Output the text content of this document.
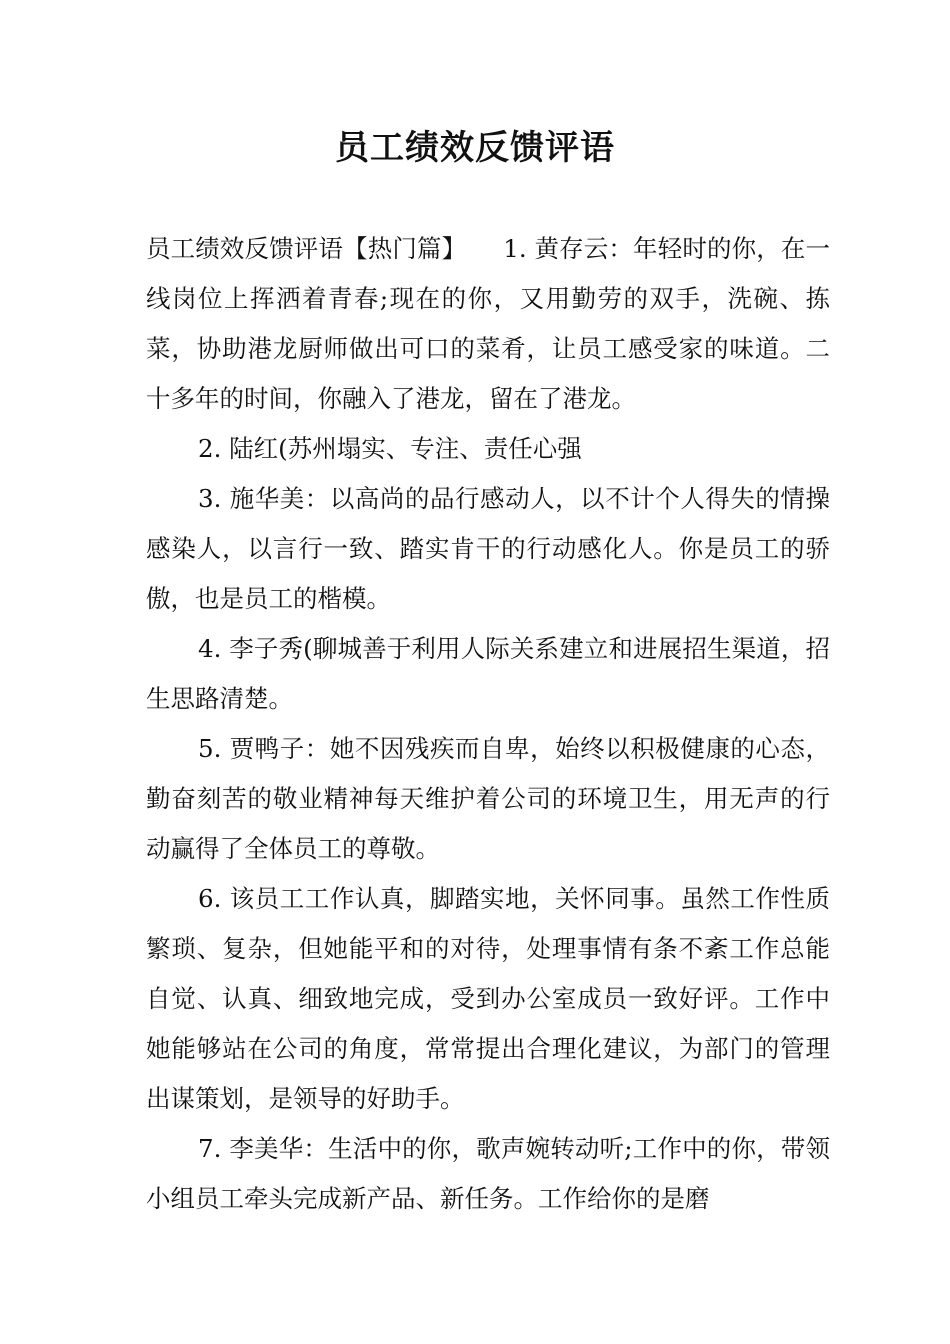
员工绩效反馈评语

员工绩效反馈评语【热门篇】　　1. 黄存云：年轻时的你，在一线岗位上挥洒着青春;现在的你，又用勤劳的双手，洗碗、拣菜，协助港龙厨师做出可口的菜肴，让员工感受家的味道。二十多年的时间，你融入了港龙，留在了港龙。

2. 陆红(苏州塌实、专注、责任心强

3. 施华美：以高尚的品行感动人，以不计个人得失的情操感染人，以言行一致、踏实肯干的行动感化人。你是员工的骄傲，也是员工的楷模。

4. 李子秀(聊城善于利用人际关系建立和进展招生渠道，招生思路清楚。

5. 贾鸭子：她不因残疾而自卑，始终以积极健康的心态，勤奋刻苦的敬业精神每天维护着公司的环境卫生，用无声的行动赢得了全体员工的尊敬。

6. 该员工工作认真，脚踏实地，关怀同事。虽然工作性质繁琐、复杂，但她能平和的对待，处理事情有条不紊工作总能自觉、认真、细致地完成，受到办公室成员一致好评。工作中她能够站在公司的角度，常常提出合理化建议，为部门的管理出谋策划，是领导的好助手。

7. 李美华：生活中的你，歌声婉转动听;工作中的你，带领小组员工牵头完成新产品、新任务。工作给你的是磨
